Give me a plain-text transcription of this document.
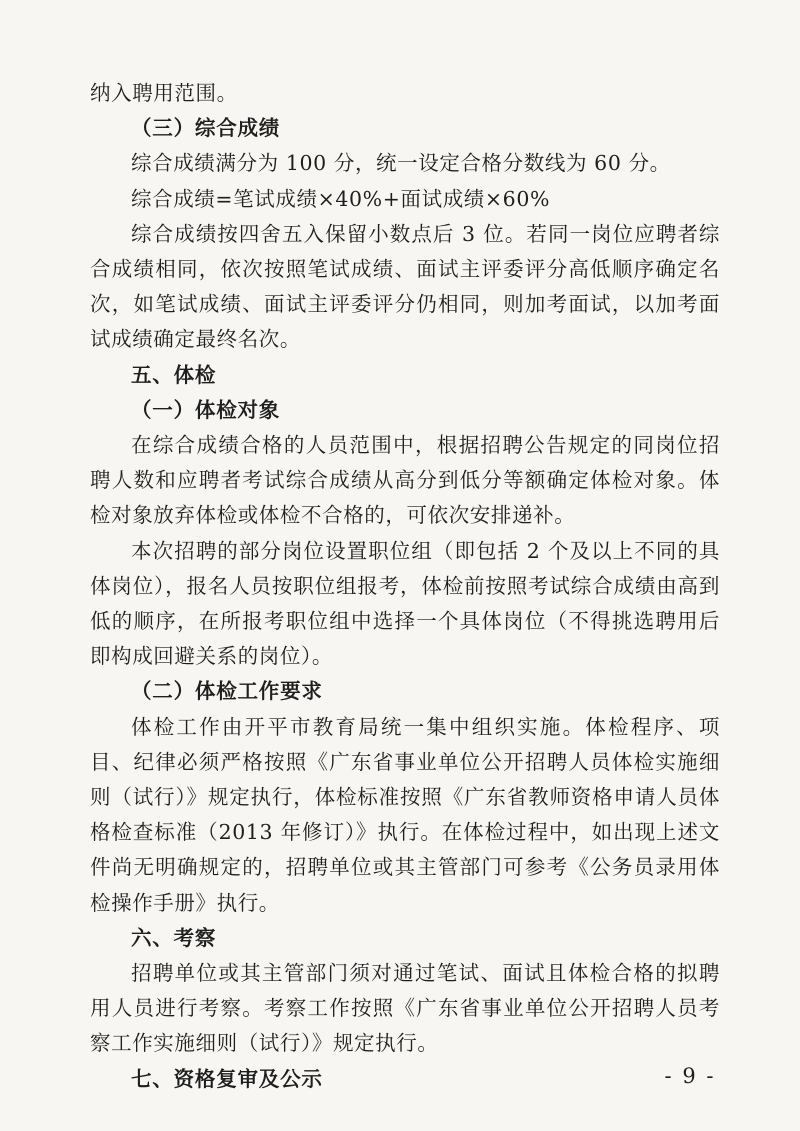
纳入聘用范围。

（三）综合成绩

综合成绩满分为 100 分，统一设定合格分数线为 60 分。

综合成绩=笔试成绩×40%+面试成绩×60%

综合成绩按四舍五入保留小数点后 3 位。若同一岗位应聘者综合成绩相同，依次按照笔试成绩、面试主评委评分高低顺序确定名次，如笔试成绩、面试主评委评分仍相同，则加考面试，以加考面试成绩确定最终名次。

五、体检

（一）体检对象

在综合成绩合格的人员范围中，根据招聘公告规定的同岗位招聘人数和应聘者考试综合成绩从高分到低分等额确定体检对象。体检对象放弃体检或体检不合格的，可依次安排递补。

本次招聘的部分岗位设置职位组（即包括 2 个及以上不同的具体岗位），报名人员按职位组报考，体检前按照考试综合成绩由高到低的顺序，在所报考职位组中选择一个具体岗位（不得挑选聘用后即构成回避关系的岗位）。

（二）体检工作要求

体检工作由开平市教育局统一集中组织实施。体检程序、项目、纪律必须严格按照《广东省事业单位公开招聘人员体检实施细则（试行）》规定执行，体检标准按照《广东省教师资格申请人员体格检查标准（2013 年修订）》执行。在体检过程中，如出现上述文件尚无明确规定的，招聘单位或其主管部门可参考《公务员录用体检操作手册》执行。

六、考察

招聘单位或其主管部门须对通过笔试、面试且体检合格的拟聘用人员进行考察。考察工作按照《广东省事业单位公开招聘人员考察工作实施细则（试行）》规定执行。

七、资格复审及公示	- 9 -
